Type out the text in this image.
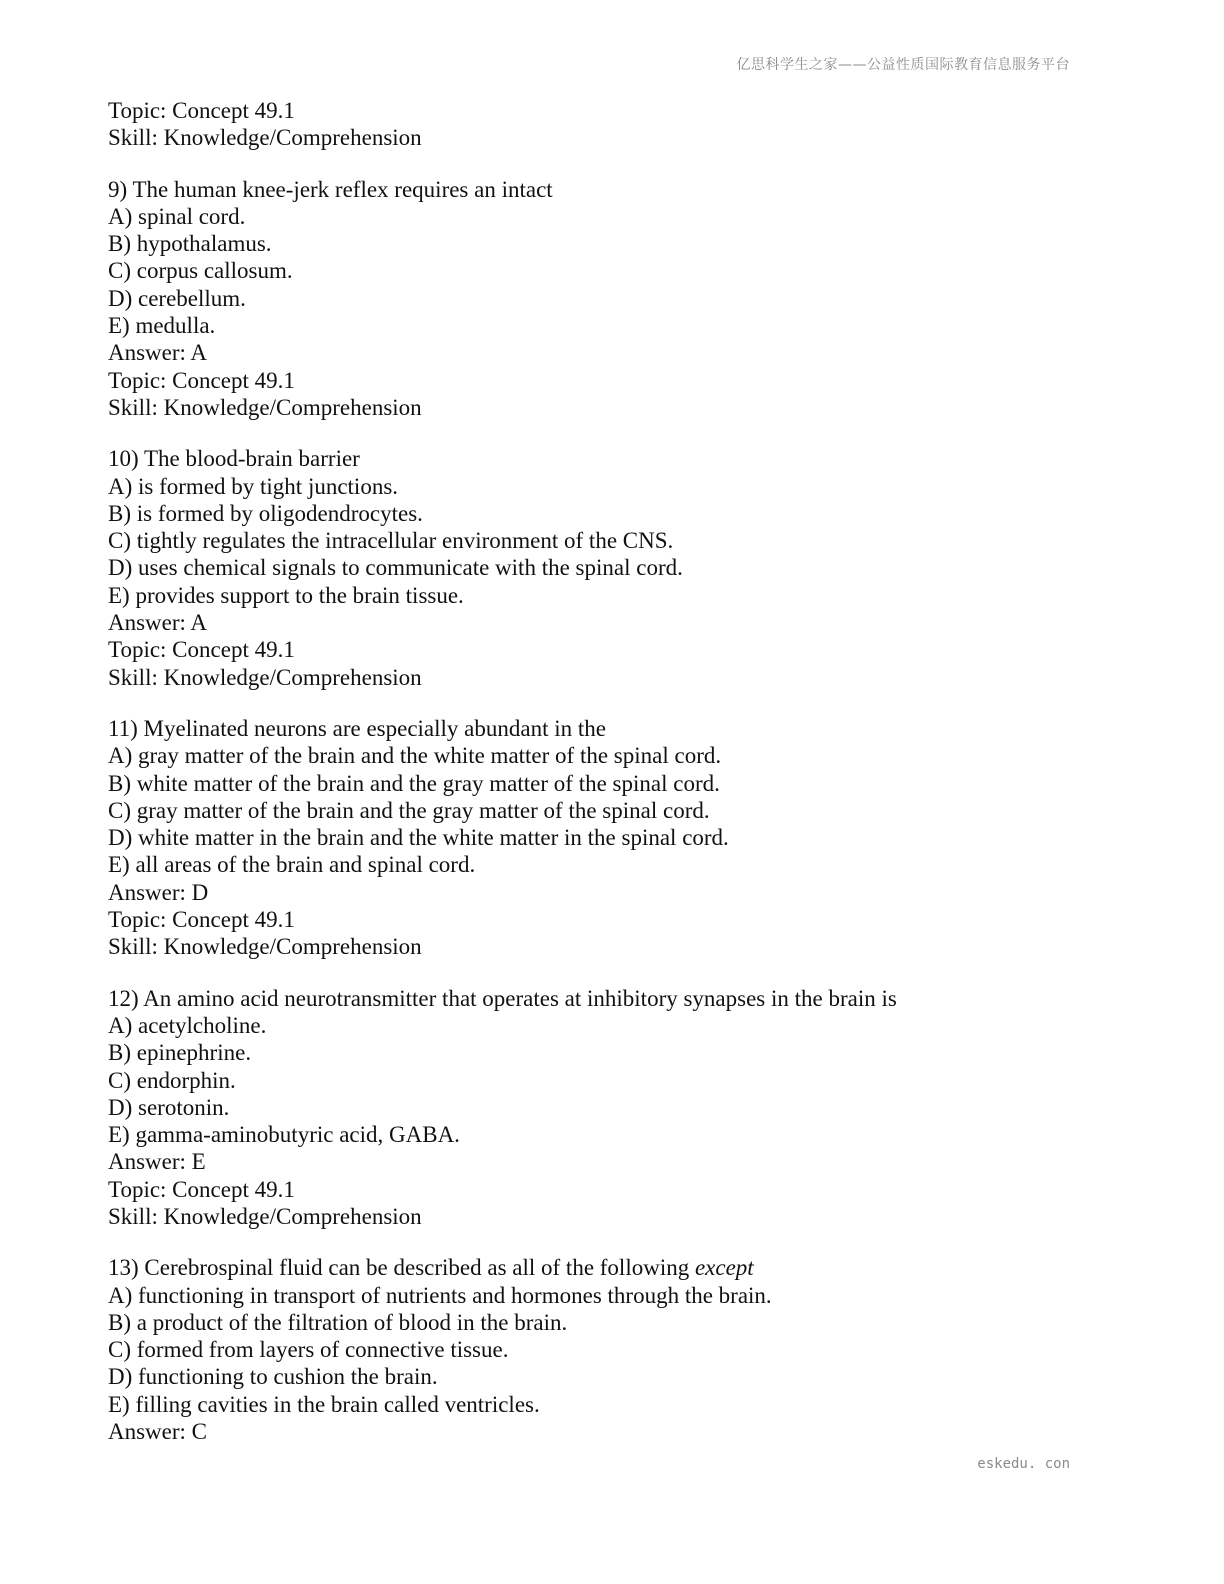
亿思科学生之家——公益性质国际教育信息服务平台
Topic: Concept 49.1
Skill: Knowledge/Comprehension
9) The human knee-jerk reflex requires an intact
A) spinal cord.
B) hypothalamus.
C) corpus callosum.
D) cerebellum.
E) medulla.
Answer: A
Topic: Concept 49.1
Skill: Knowledge/Comprehension
10) The blood-brain barrier
A) is formed by tight junctions.
B) is formed by oligodendrocytes.
C) tightly regulates the intracellular environment of the CNS.
D) uses chemical signals to communicate with the spinal cord.
E) provides support to the brain tissue.
Answer: A
Topic: Concept 49.1
Skill: Knowledge/Comprehension
11) Myelinated neurons are especially abundant in the
A) gray matter of the brain and the white matter of the spinal cord.
B) white matter of the brain and the gray matter of the spinal cord.
C) gray matter of the brain and the gray matter of the spinal cord.
D) white matter in the brain and the white matter in the spinal cord.
E) all areas of the brain and spinal cord.
Answer: D
Topic: Concept 49.1
Skill: Knowledge/Comprehension
12) An amino acid neurotransmitter that operates at inhibitory synapses in the brain is
A) acetylcholine.
B) epinephrine.
C) endorphin.
D) serotonin.
E) gamma-aminobutyric acid, GABA.
Answer: E
Topic: Concept 49.1
Skill: Knowledge/Comprehension
13) Cerebrospinal fluid can be described as all of the following except
A) functioning in transport of nutrients and hormones through the brain.
B) a product of the filtration of blood in the brain.
C) formed from layers of connective tissue.
D) functioning to cushion the brain.
E) filling cavities in the brain called ventricles.
Answer: C
eskedu. con
